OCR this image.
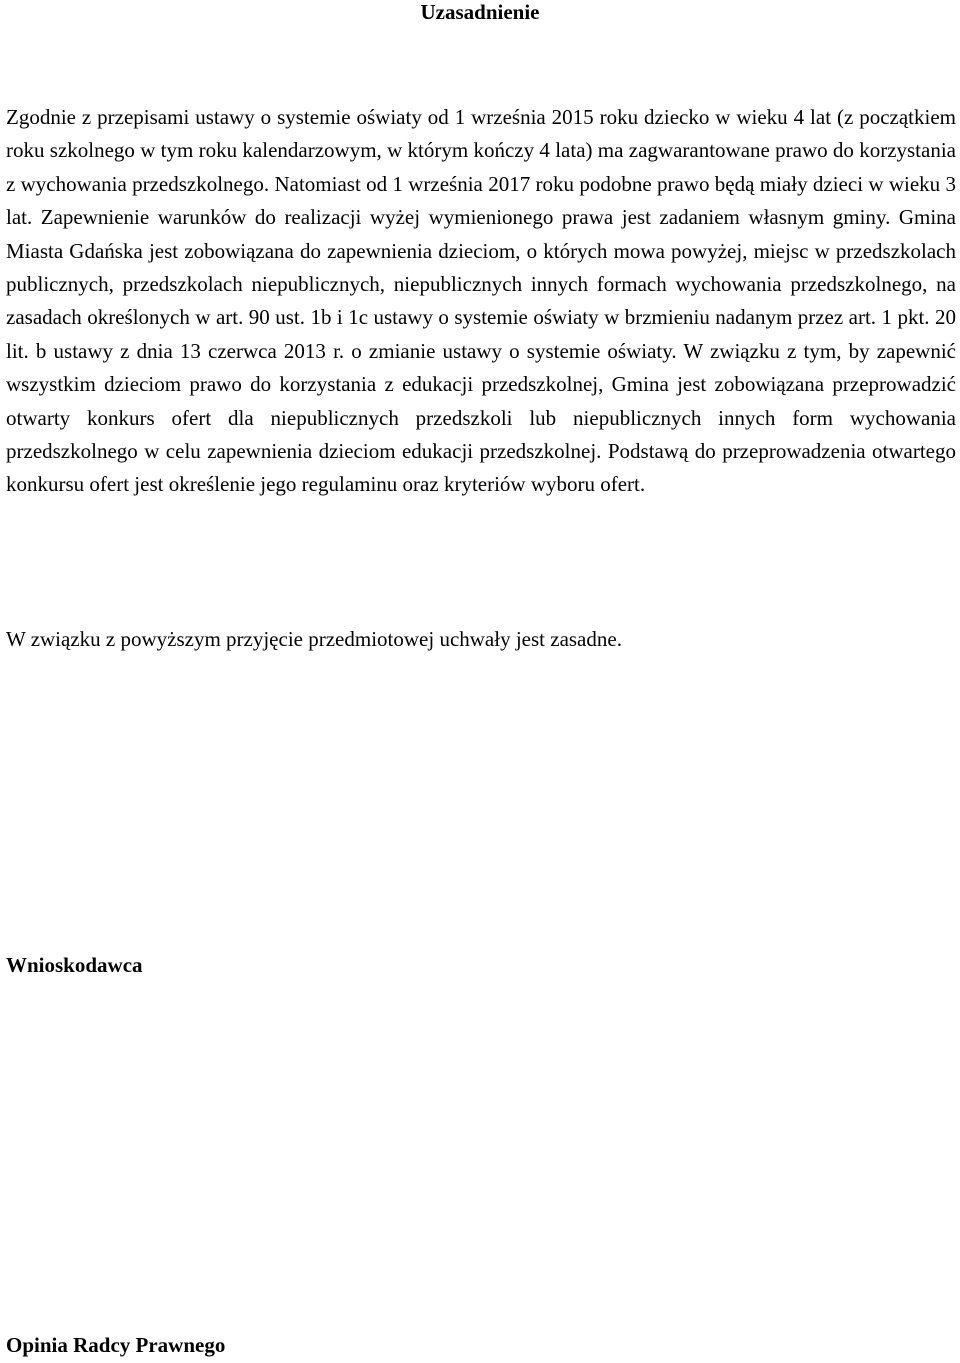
Uzasadnienie

Zgodnie z przepisami ustawy o systemie oświaty od 1 września 2015 roku dziecko w wieku 4 lat (z początkiem roku szkolnego w tym roku kalendarzowym, w którym kończy 4 lata) ma zagwarantowane prawo do korzystania z wychowania przedszkolnego. Natomiast od 1 września 2017 roku podobne prawo będą miały dzieci w wieku 3 lat. Zapewnienie warunków do realizacji wyżej wymienionego prawa jest zadaniem własnym gminy. Gmina Miasta Gdańska jest zobowiązana do zapewnienia dzieciom, o których mowa powyżej, miejsc w przedszkolach publicznych, przedszkolach niepublicznych, niepublicznych innych formach wychowania przedszkolnego, na zasadach określonych w art. 90 ust. 1b i 1c ustawy o systemie oświaty w brzmieniu nadanym przez art. 1 pkt. 20 lit. b ustawy z dnia 13 czerwca 2013 r. o zmianie ustawy o systemie oświaty. W związku z tym, by zapewnić wszystkim dzieciom prawo do korzystania z edukacji przedszkolnej, Gmina jest zobowiązana przeprowadzić otwarty konkurs ofert dla niepublicznych przedszkoli lub niepublicznych innych form wychowania przedszkolnego w celu zapewnienia dzieciom edukacji przedszkolnej. Podstawą do przeprowadzenia otwartego konkursu ofert jest określenie jego regulaminu oraz kryteriów wyboru ofert.

W związku z powyższym przyjęcie przedmiotowej uchwały jest zasadne.

Wnioskodawca
Opinia Radcy Prawnego
